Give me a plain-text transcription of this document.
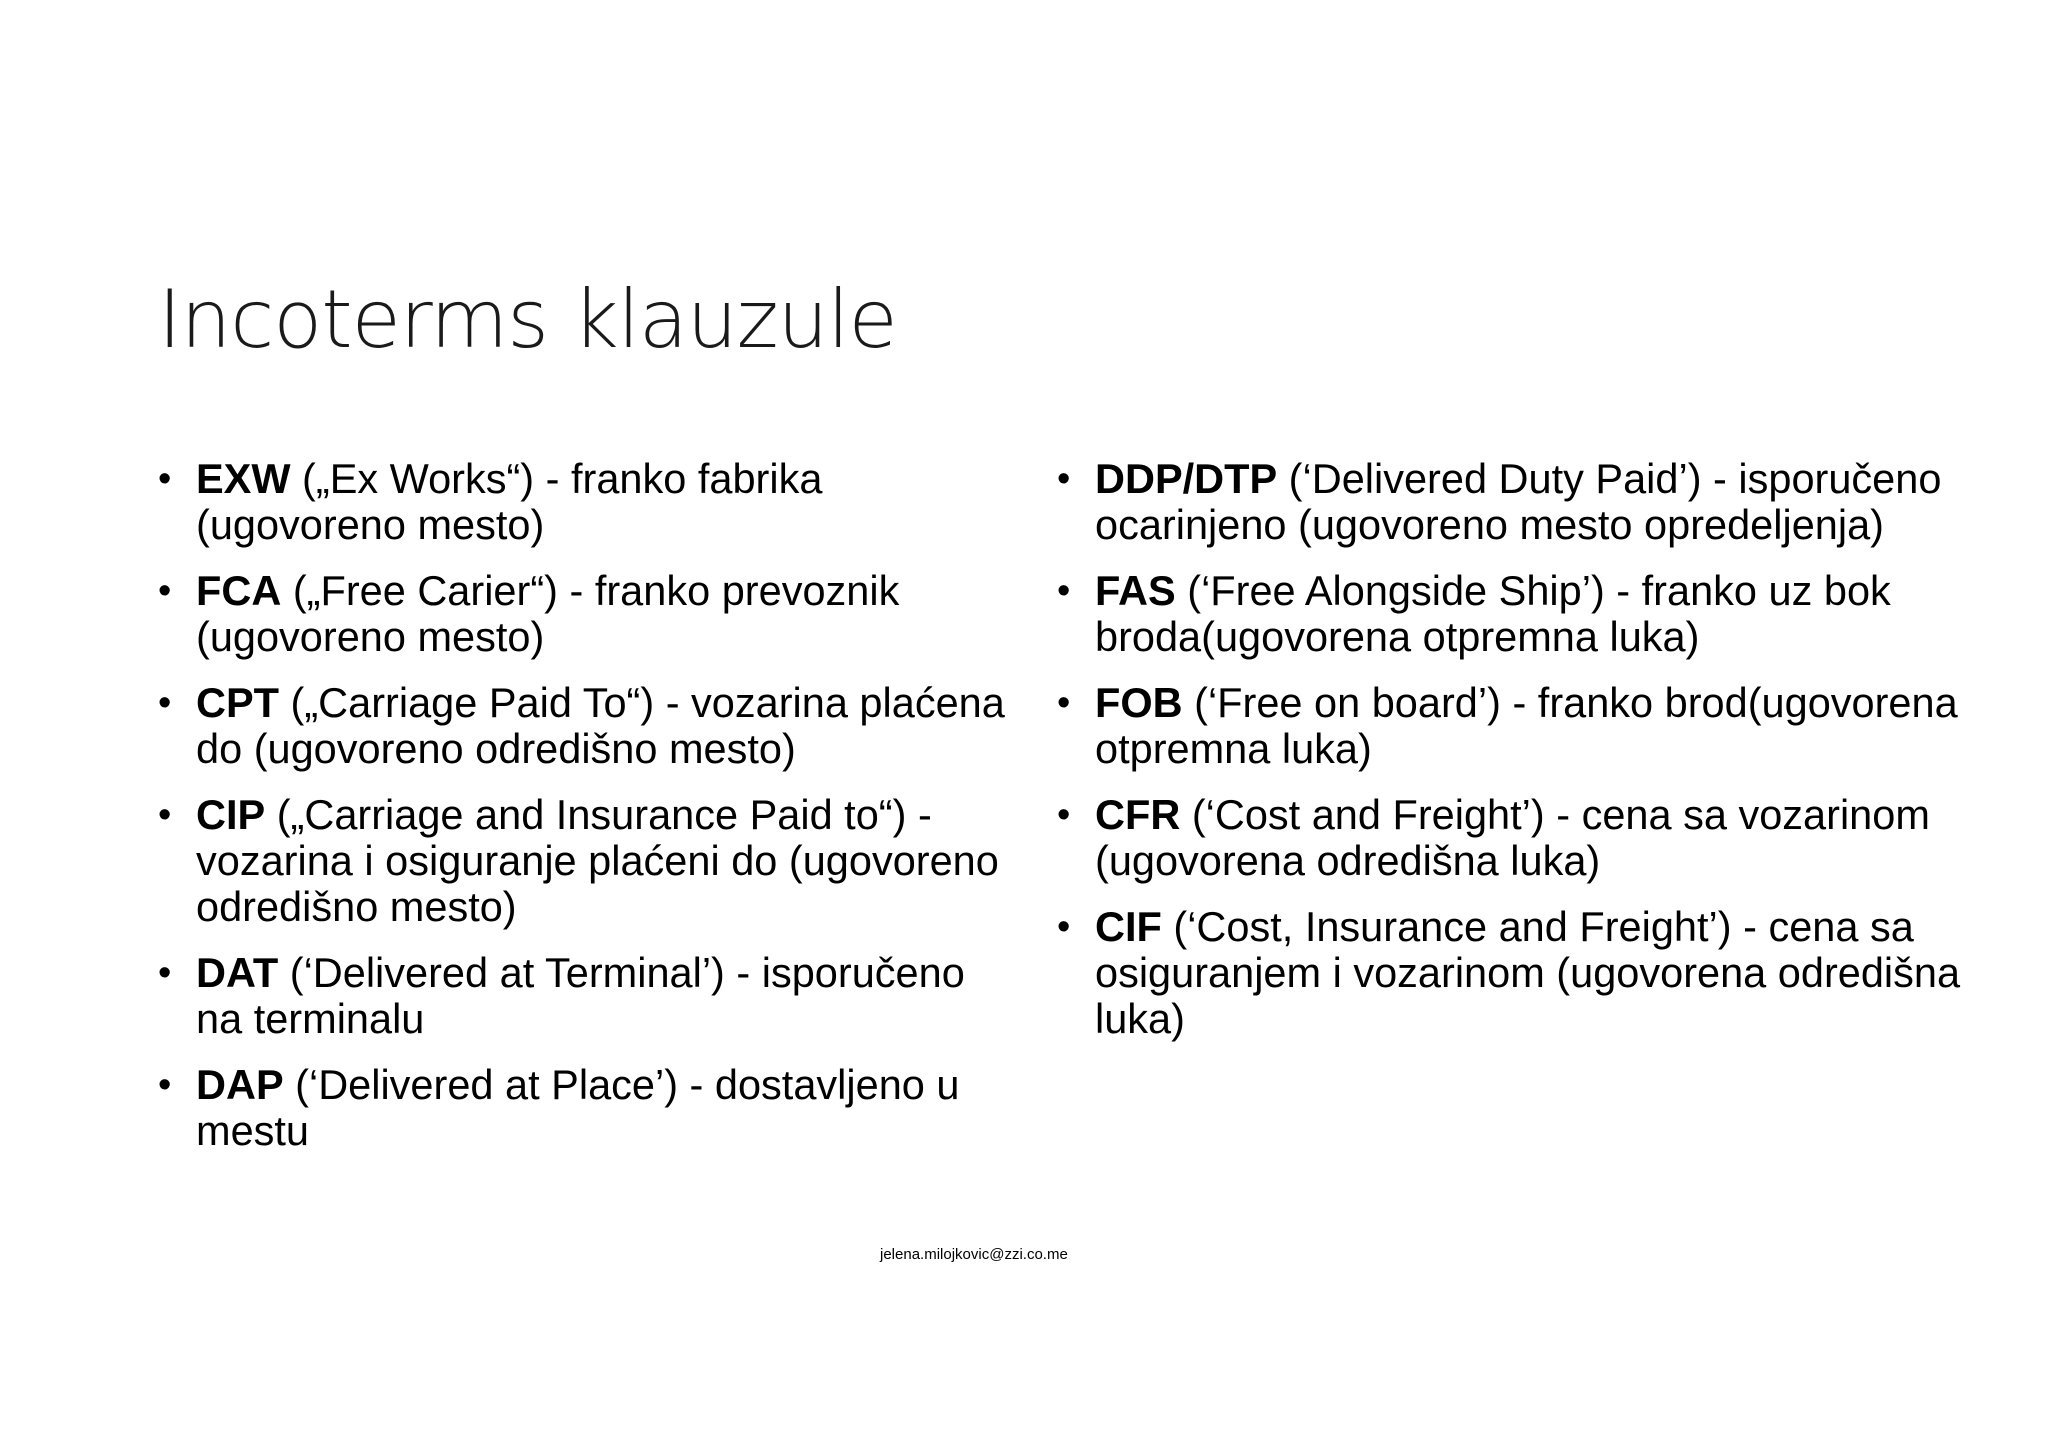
Incoterms klauzule
• EXW („Ex Works“) - franko fabrika (ugovoreno mesto)
• FCA („Free Carier“) - franko prevoznik (ugovoreno mesto)
• CPT („Carriage Paid To“) - vozarina plaćena do (ugovoreno odredišno mesto)
• CIP („Carriage and Insurance Paid to“) - vozarina i osiguranje plaćeni do (ugovoreno odredišno mesto)
• DAT (‘Delivered at Terminal’) - isporučeno na terminalu
• DAP (‘Delivered at Place’) - dostavljeno u mestu
• DDP/DTP (‘Delivered Duty Paid’) - isporučeno ocarinjeno (ugovoreno mesto opredeljenja)
• FAS (‘Free Alongside Ship’) - franko uz bok broda(ugovorena otpremna luka)
• FOB (‘Free on board’) - franko brod(ugovorena otpremna luka)
• CFR (‘Cost and Freight’) - cena sa vozarinom (ugovorena odredišna luka)
• CIF (‘Cost, Insurance and Freight’) - cena sa osiguranjem i vozarinom (ugovorena odredišna luka)
jelena.milojkovic@zzi.co.me
